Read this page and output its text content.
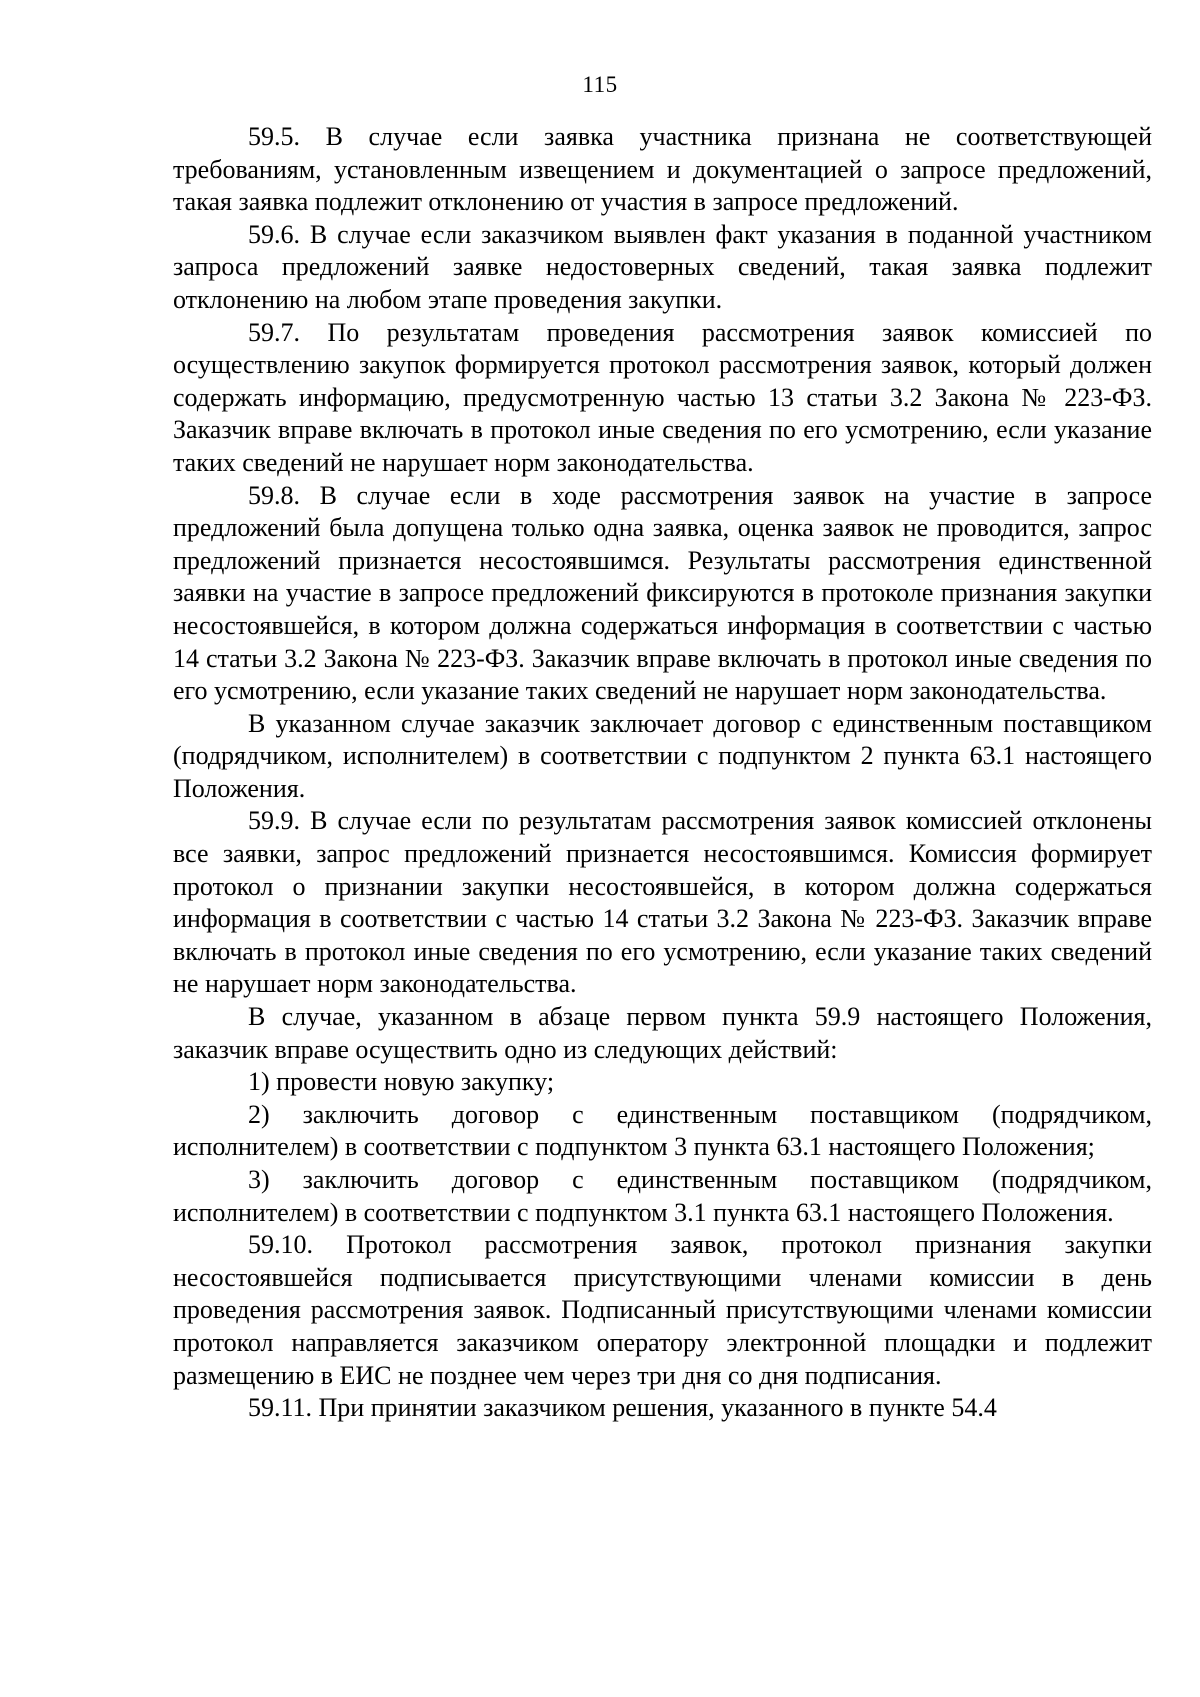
115

59.5. В случае если заявка участника признана не соответствующей требованиям, установленным извещением и документацией о запросе предложений, такая заявка подлежит отклонению от участия в запросе предложений.

59.6. В случае если заказчиком выявлен факт указания в поданной участником запроса предложений заявке недостоверных сведений, такая заявка подлежит отклонению на любом этапе проведения закупки.

59.7. По результатам проведения рассмотрения заявок комиссией по осуществлению закупок формируется протокол рассмотрения заявок, который должен содержать информацию, предусмотренную частью 13 статьи 3.2 Закона № 223-ФЗ. Заказчик вправе включать в протокол иные сведения по его усмотрению, если указание таких сведений не нарушает норм законодательства.

59.8. В случае если в ходе рассмотрения заявок на участие в запросе предложений была допущена только одна заявка, оценка заявок не проводится, запрос предложений признается несостоявшимся. Результаты рассмотрения единственной заявки на участие в запросе предложений фиксируются в протоколе признания закупки несостоявшейся, в котором должна содержаться информация в соответствии с частью 14 статьи 3.2 Закона № 223-ФЗ. Заказчик вправе включать в протокол иные сведения по его усмотрению, если указание таких сведений не нарушает норм законодательства.

В указанном случае заказчик заключает договор с единственным поставщиком (подрядчиком, исполнителем) в соответствии с подпунктом 2 пункта 63.1 настоящего Положения.

59.9. В случае если по результатам рассмотрения заявок комиссией отклонены все заявки, запрос предложений признается несостоявшимся. Комиссия формирует протокол о признании закупки несостоявшейся, в котором должна содержаться информация в соответствии с частью 14 статьи 3.2 Закона № 223-ФЗ. Заказчик вправе включать в протокол иные сведения по его усмотрению, если указание таких сведений не нарушает норм законодательства.

В случае, указанном в абзаце первом пункта 59.9 настоящего Положения, заказчик вправе осуществить одно из следующих действий:

1) провести новую закупку;

2) заключить договор с единственным поставщиком (подрядчиком, исполнителем) в соответствии с подпунктом 3 пункта 63.1 настоящего Положения;

3) заключить договор с единственным поставщиком (подрядчиком, исполнителем) в соответствии с подпунктом 3.1 пункта 63.1 настоящего Положения.

59.10. Протокол рассмотрения заявок, протокол признания закупки несостоявшейся подписывается присутствующими членами комиссии в день проведения рассмотрения заявок. Подписанный присутствующими членами комиссии протокол направляется заказчиком оператору электронной площадки и подлежит размещению в ЕИС не позднее чем через три дня со дня подписания.

59.11. При принятии заказчиком решения, указанного в пункте 54.4
